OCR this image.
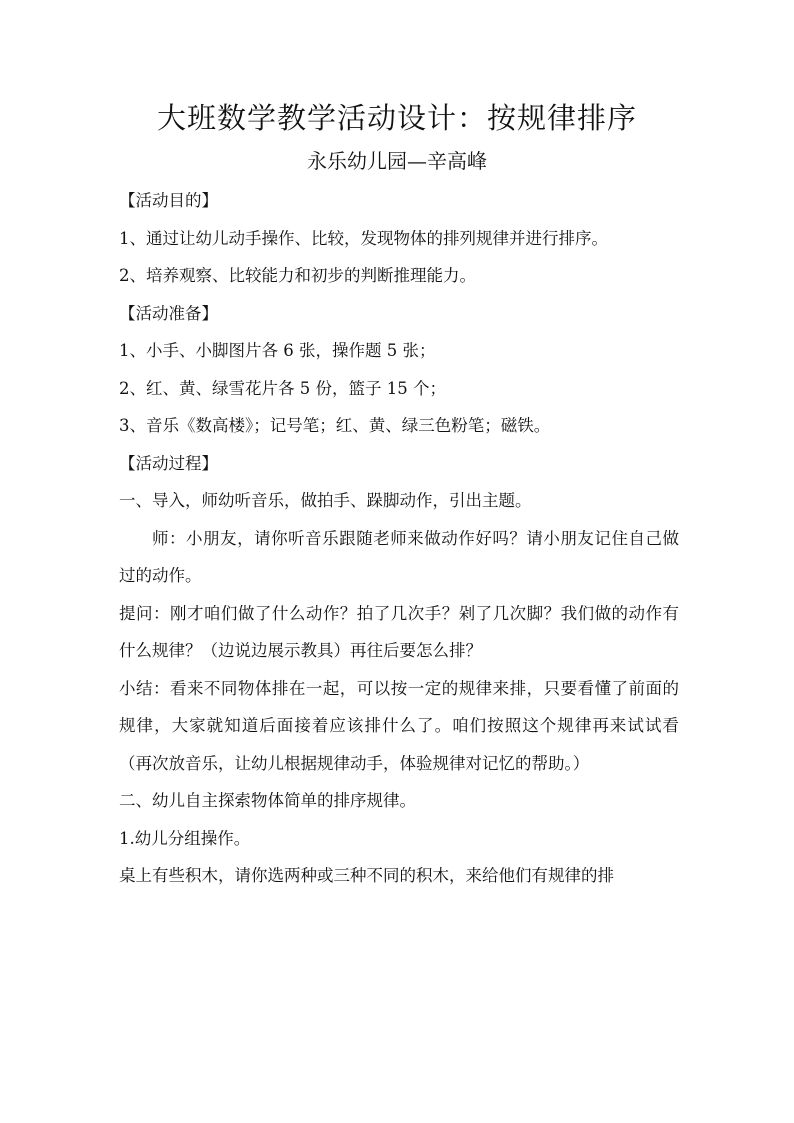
大班数学教学活动设计：按规律排序
永乐幼儿园—辛高峰

【活动目的】

1、通过让幼儿动手操作、比较，发现物体的排列规律并进行排序。

2、培养观察、比较能力和初步的判断推理能力。

【活动准备】

1、小手、小脚图片各 6 张，操作题 5 张；

2、红、黄、绿雪花片各 5 份，篮子 15 个；

3、音乐《数高楼》；记号笔；红、黄、绿三色粉笔；磁铁。

【活动过程】

一、导入，师幼听音乐，做拍手、跺脚动作，引出主题。

师：小朋友，请你听音乐跟随老师来做动作好吗？请小朋友记住自己做过的动作。

提问：刚才咱们做了什么动作？拍了几次手？剁了几次脚？我们做的动作有什么规律？（边说边展示教具）再往后要怎么排？

小结：看来不同物体排在一起，可以按一定的规律来排，只要看懂了前面的规律，大家就知道后面接着应该排什么了。咱们按照这个规律再来试试看（再次放音乐，让幼儿根据规律动手，体验规律对记忆的帮助。）

二、幼儿自主探索物体简单的排序规律。

1.幼儿分组操作。

桌上有些积木，请你选两种或三种不同的积木，来给他们有规律的排
